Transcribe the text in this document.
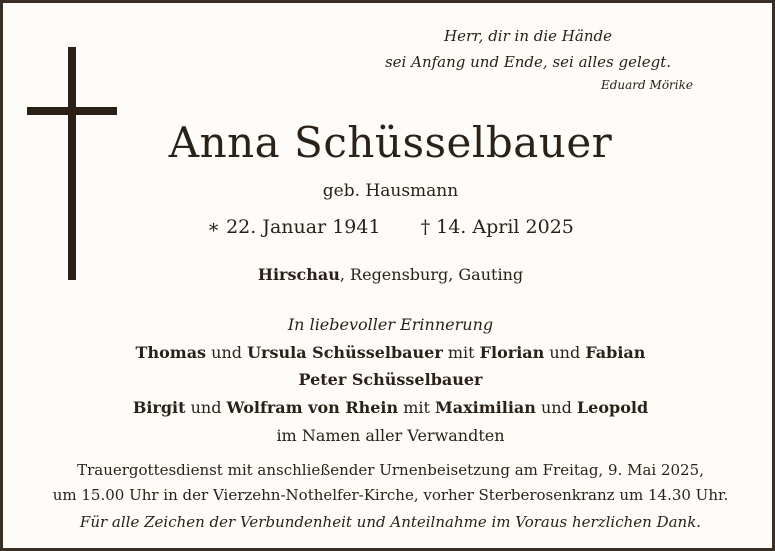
Herr, dir in die Hände
sei Anfang und Ende, sei alles gelegt.
Eduard Mörike
Anna Schüsselbauer
geb. Hausmann
∗ 22. Januar 1941 † 14. April 2025
Hirschau, Regensburg, Gauting
In liebevoller Erinnerung
Thomas und Ursula Schüsselbauer mit Florian und Fabian
Peter Schüsselbauer
Birgit und Wolfram von Rhein mit Maximilian und Leopold
im Namen aller Verwandten
Trauergottesdienst mit anschließender Urnenbeisetzung am Freitag, 9. Mai 2025,
um 15.00 Uhr in der Vierzehn-Nothelfer-Kirche, vorher Sterberosenkranz um 14.30 Uhr.
Für alle Zeichen der Verbundenheit und Anteilnahme im Voraus herzlichen Dank.
